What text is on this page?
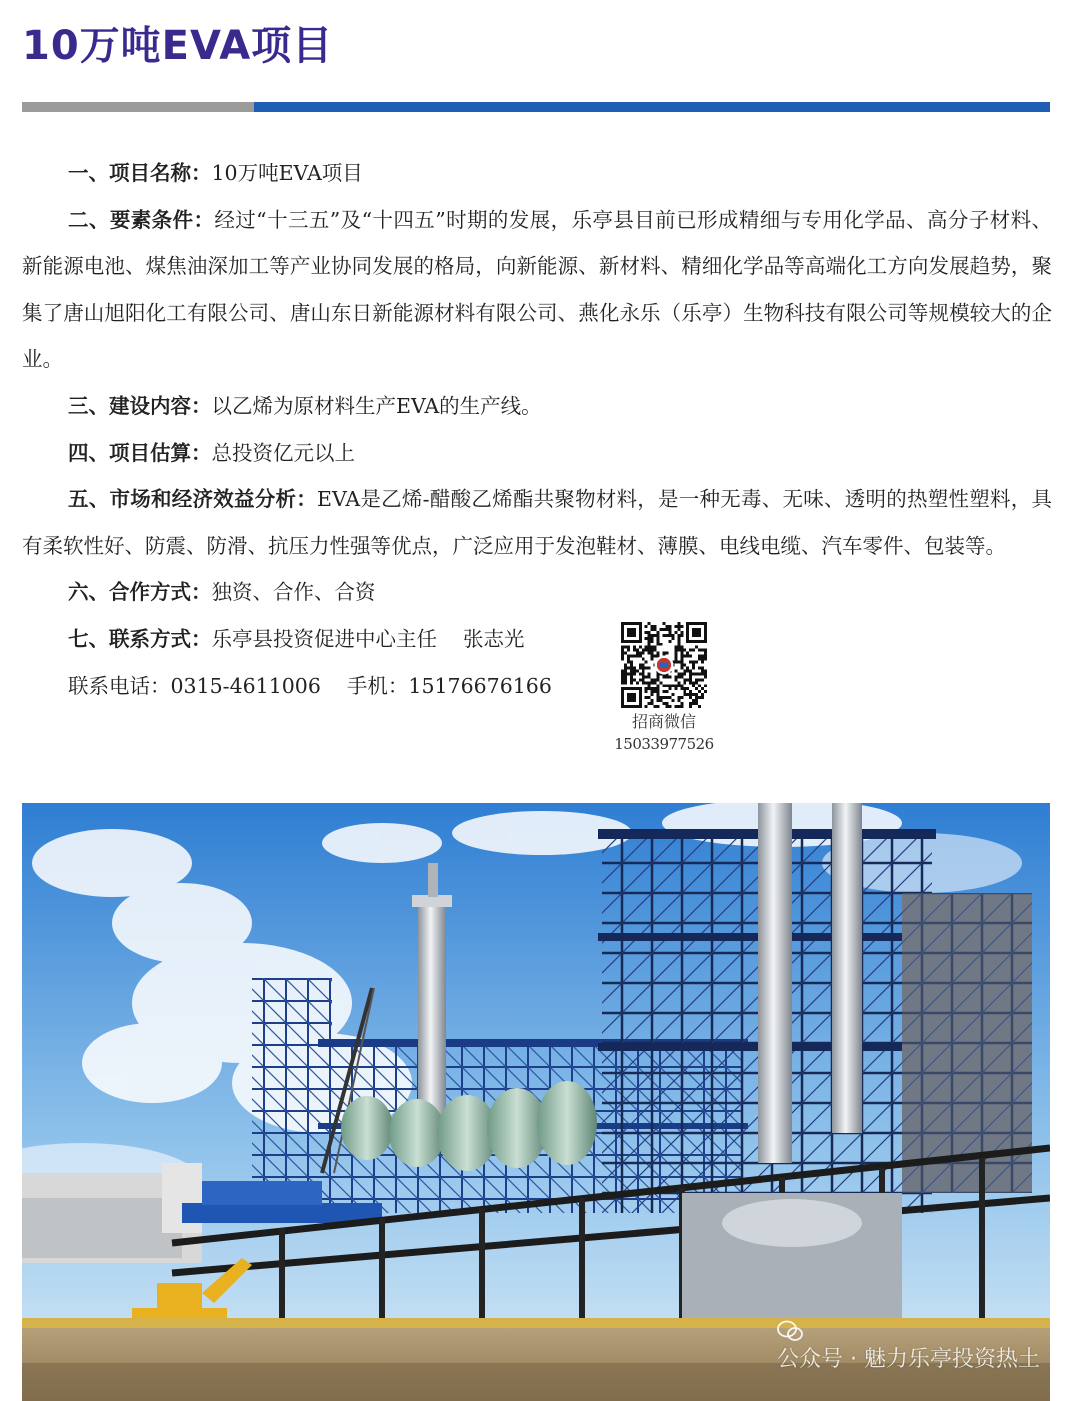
10万吨EVA项目

一、项目名称：10万吨EVA项目

二、要素条件：经过“十三五”及“十四五”时期的发展，乐亭县目前已形成精细与专用化学品、高分子材料、新能源电池、煤焦油深加工等产业协同发展的格局，向新能源、新材料、精细化学品等高端化工方向发展趋势，聚集了唐山旭阳化工有限公司、唐山东日新能源材料有限公司、燕化永乐（乐亭）生物科技有限公司等规模较大的企业。

三、建设内容：以乙烯为原材料生产EVA的生产线。

四、项目估算：总投资亿元以上

五、市场和经济效益分析：EVA是乙烯-醋酸乙烯酯共聚物材料，是一种无毒、无味、透明的热塑性塑料，具有柔软性好、防震、防滑、抗压力性强等优点，广泛应用于发泡鞋材、薄膜、电线电缆、汽车零件、包装等。

六、合作方式：独资、合作、合资

七、联系方式：乐亭县投资促进中心主任 张志光

联系电话：0315-4611006 手机：15176676166

招商微信
15033977526
公众号 · 魅力乐亭投资热土
